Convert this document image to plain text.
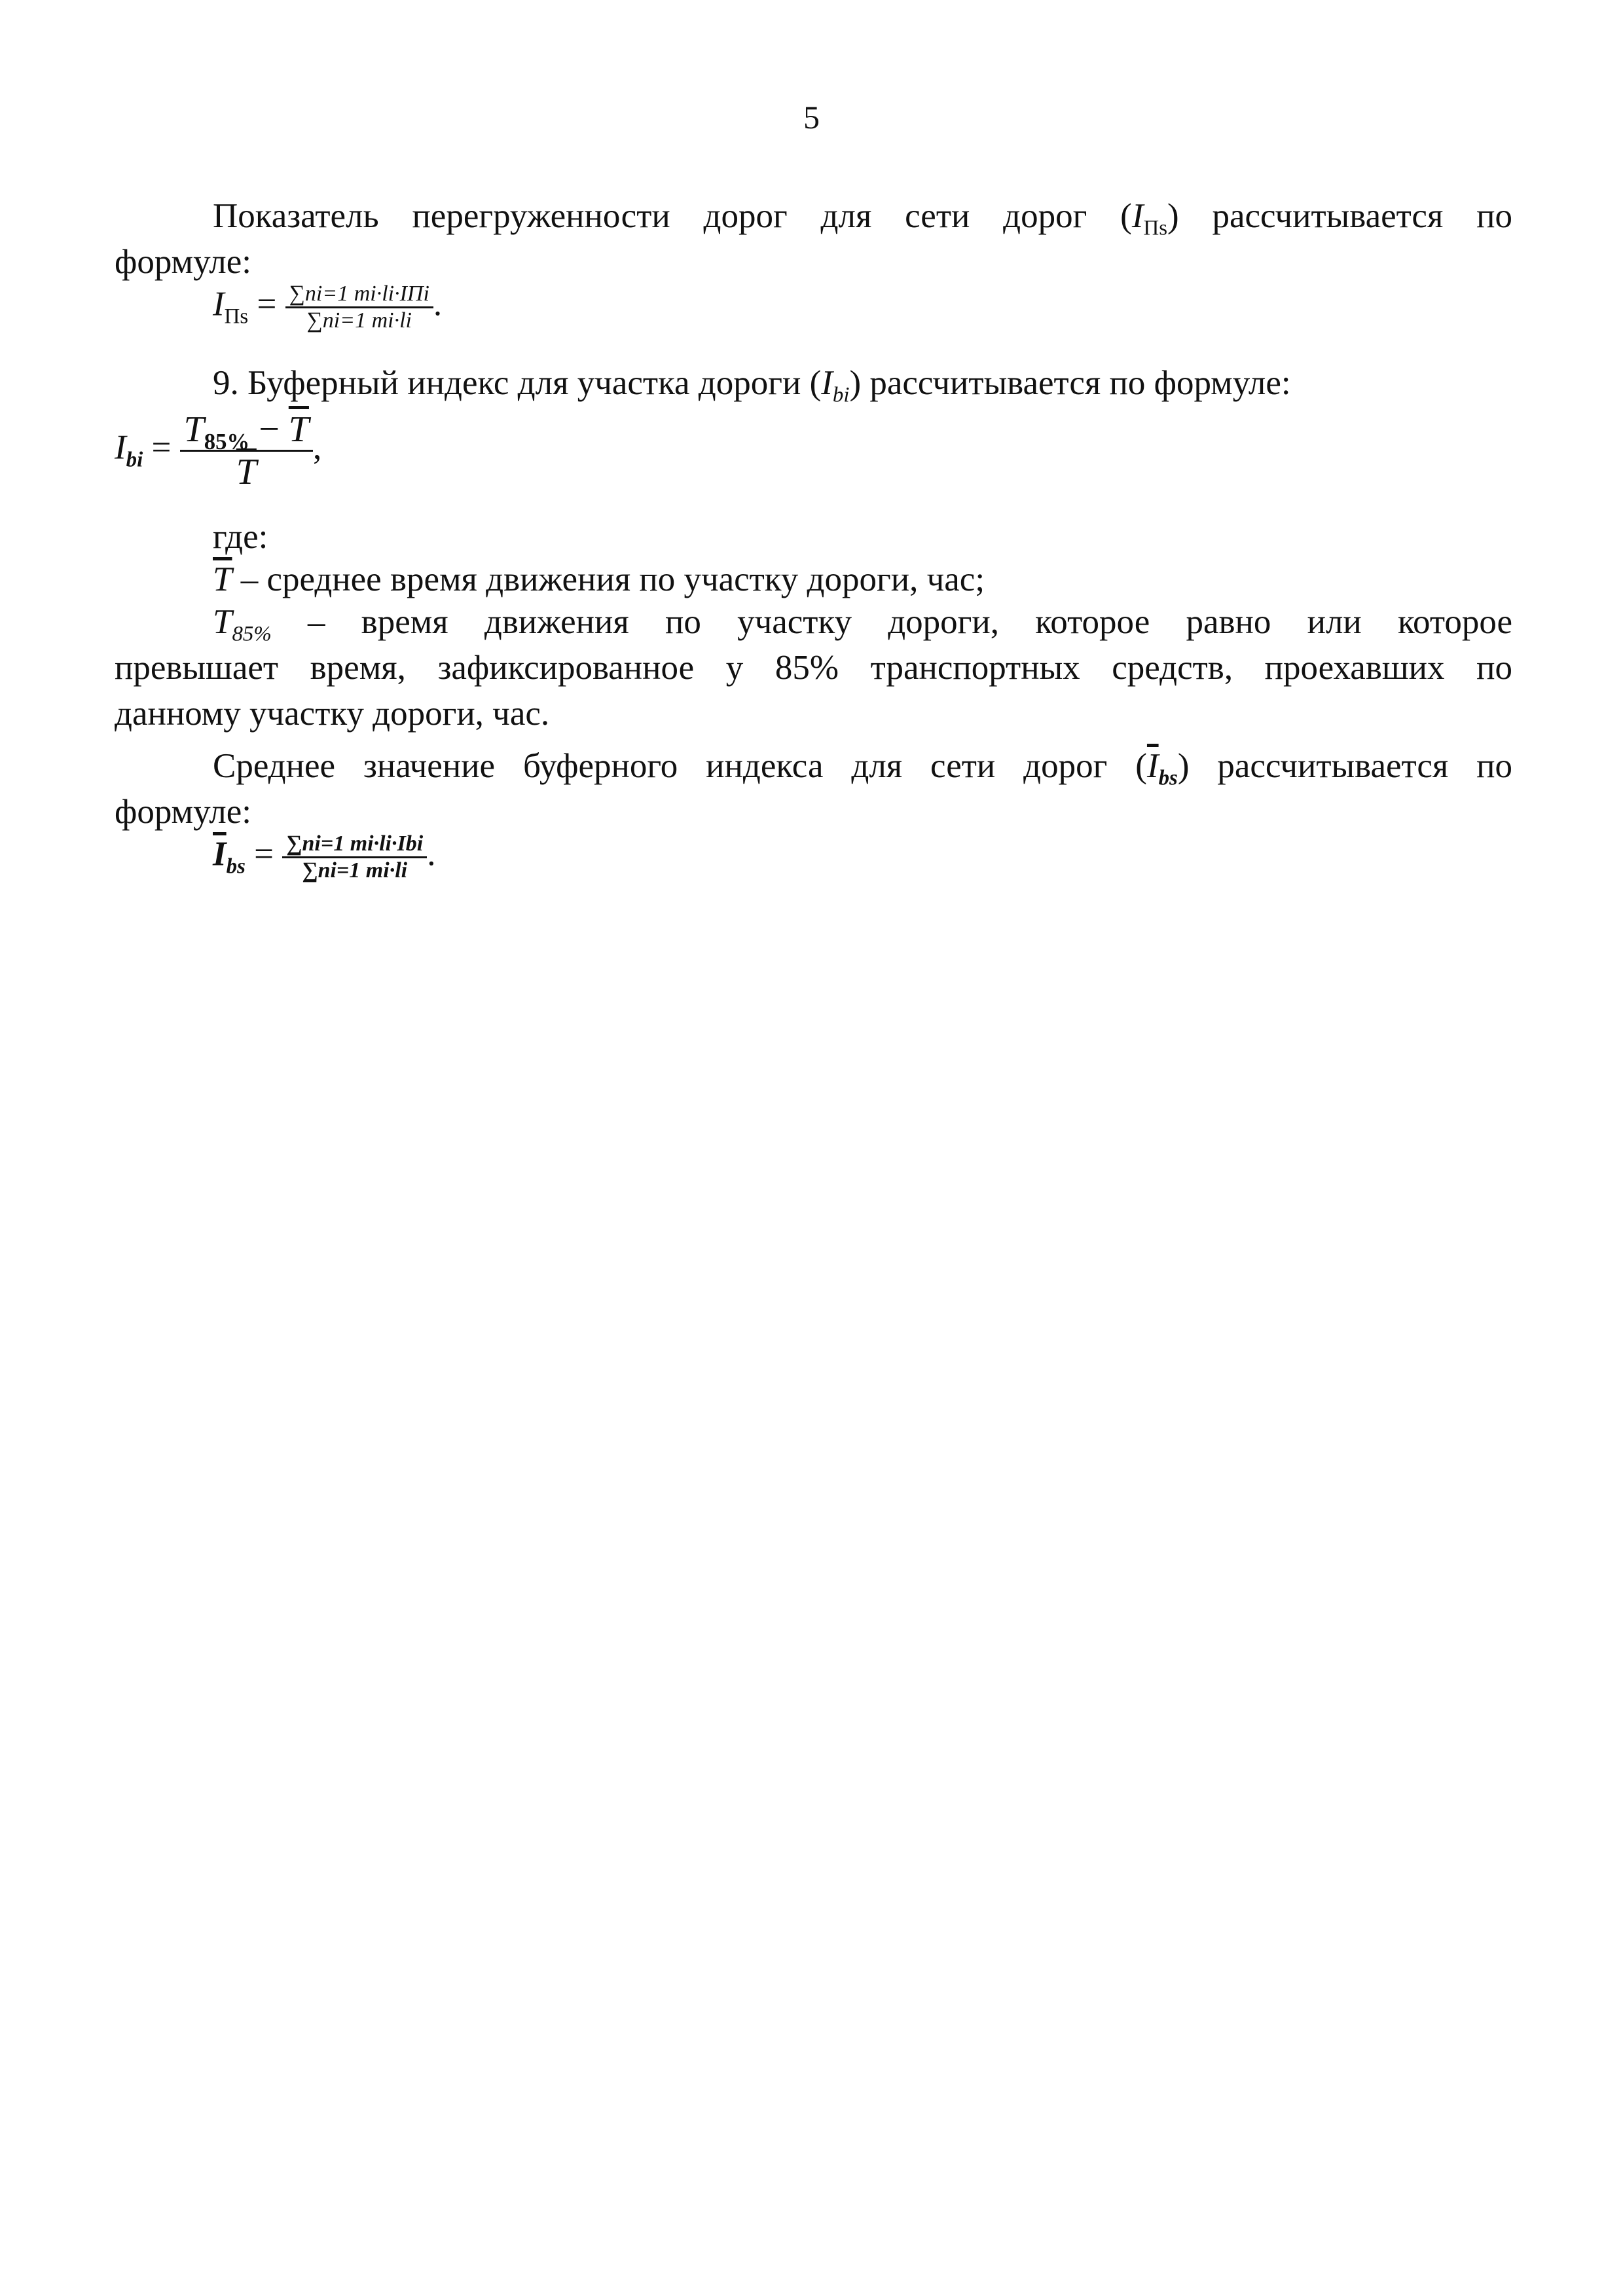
5
Показатель перегруженности дорог для сети дорог $(I_{Пs})$ рассчитывается по
формуле:
$I_{Пs} = \frac{\text{∑ni=1 mi·li·IПi}}{\sum ni=1 mi\cdot li}$ .
9. Буферный индекс для участка дороги $(I_{bi})$ рассчитывается по формуле:
$I_{bi} = \frac{T_{85\%} - \overline{T}}{T}$ ,
где:
$\overline{T}$ – среднее время движения по участку дороги, час;
$T_{85\%}$ – время движения по участку дороги, которое равно или которое
превышает время, зафиксированное у 85% транспортных средств, проехавших по
данному участку дороги, час.
Среднее значение буферного индекса для сети дорог $(\overline{I}_{bs})$ рассчитывается по
формуле:
$\overline{I}_{bs} = \frac{\text{∑ni=1 mi·li·Ibi}}{\sum ni=1 mi\cdot li}$ .
